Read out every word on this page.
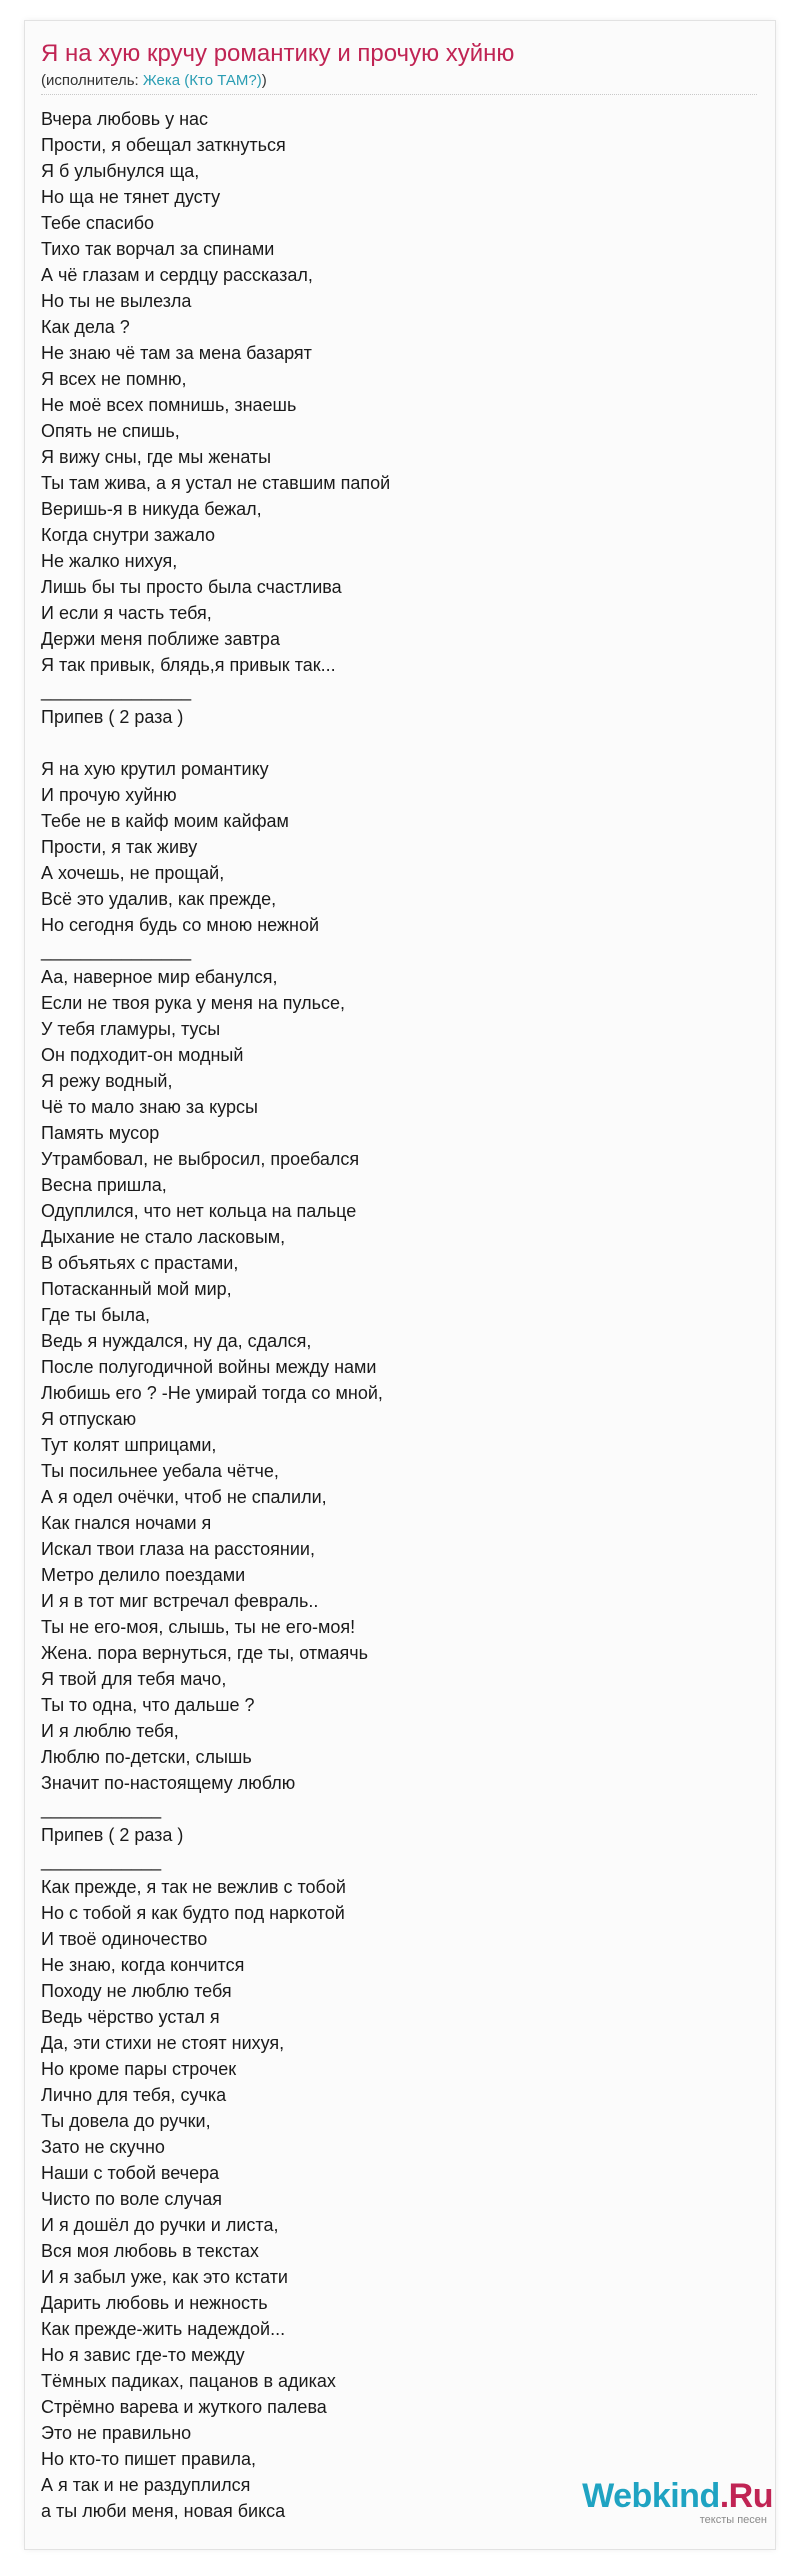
Я на хую кручу романтику и прочую хуйню
(исполнитель: Жека (Кто ТАМ?))
Вчера любовь у нас
Прости, я обещал заткнуться
Я б улыбнулся ща,
Но ща не тянет дусту
Тебе спасибо
Тихо так ворчал за спинами
А чё глазам и сердцу рассказал,
Но ты не вылезла
Как дела ?
Не знаю чё там за мена базарят
Я всех не помню,
Не моё всех помнишь, знаешь
Опять не спишь,
Я вижу сны, где мы женаты
Ты там жива, а я устал не ставшим папой
Веришь-я в никуда бежал,
Когда снутри зажало
Не жалко нихуя,
Лишь бы ты просто была счастлива
И если я часть тебя,
Держи меня поближе завтра
Я так привык, блядь,я привык так...
_______________
Припев ( 2 раза )
Я на хую крутил романтику
И прочую хуйню
Тебе не в кайф моим кайфам
Прости, я так живу
А хочешь, не прощай,
Всё это удалив, как прежде,
Но сегодня будь со мною нежной
_______________
Аа, наверное мир ебанулся,
Если не твоя рука у меня на пульсе,
У тебя гламуры, тусы
Он подходит-он модный
Я режу водный,
Чё то мало знаю за курсы
Память мусор
Утрамбовал, не выбросил, проебался
Весна пришла,
Одуплился, что нет кольца на пальце
Дыхание не стало ласковым,
В объятьях с прастами,
Потасканный мой мир,
Где ты была,
Ведь я нуждался, ну да, сдался,
После полугодичной войны между нами
Любишь его ? -Не умирай тогда со мной,
Я отпускаю
Тут колят шприцами,
Ты посильнее уебала чётче,
А я одел очёчки, чтоб не спалили,
Как гнался ночами я
Искал твои глаза на расстоянии,
Метро делило поездами
И я в тот миг встречал февраль..
Ты не его-моя, слышь, ты не его-моя!
Жена. пора вернуться, где ты, отмаячь
Я твой для тебя мачо,
Ты то одна, что дальше ?
И я люблю тебя,
Люблю по-детски, слышь
Значит по-настоящему люблю
____________
Припев ( 2 раза )
____________
Как прежде, я так не вежлив с тобой
Но с тобой я как будто под наркотой
И твоё одиночество
Не знаю, когда кончится
Походу не люблю тебя
Ведь чёрство устал я
Да, эти стихи не стоят нихуя,
Но кроме пары строчек
Лично для тебя, сучка
Ты довела до ручки,
Зато не скучно
Наши с тобой вечера
Чисто по воле случая
И я дошёл до ручки и листа,
Вся моя любовь в текстах
И я забыл уже, как это кстати
Дарить любовь и нежность
Как прежде-жить надеждой...
Но я завис где-то между
Тёмных падиках, пацанов в адиках
Стрёмно варева и жуткого палева
Это не правильно
Но кто-то пишет правила,
А я так и не раздуплился
а ты люби меня, новая бикса	Webkind.Ru
тексты песен
